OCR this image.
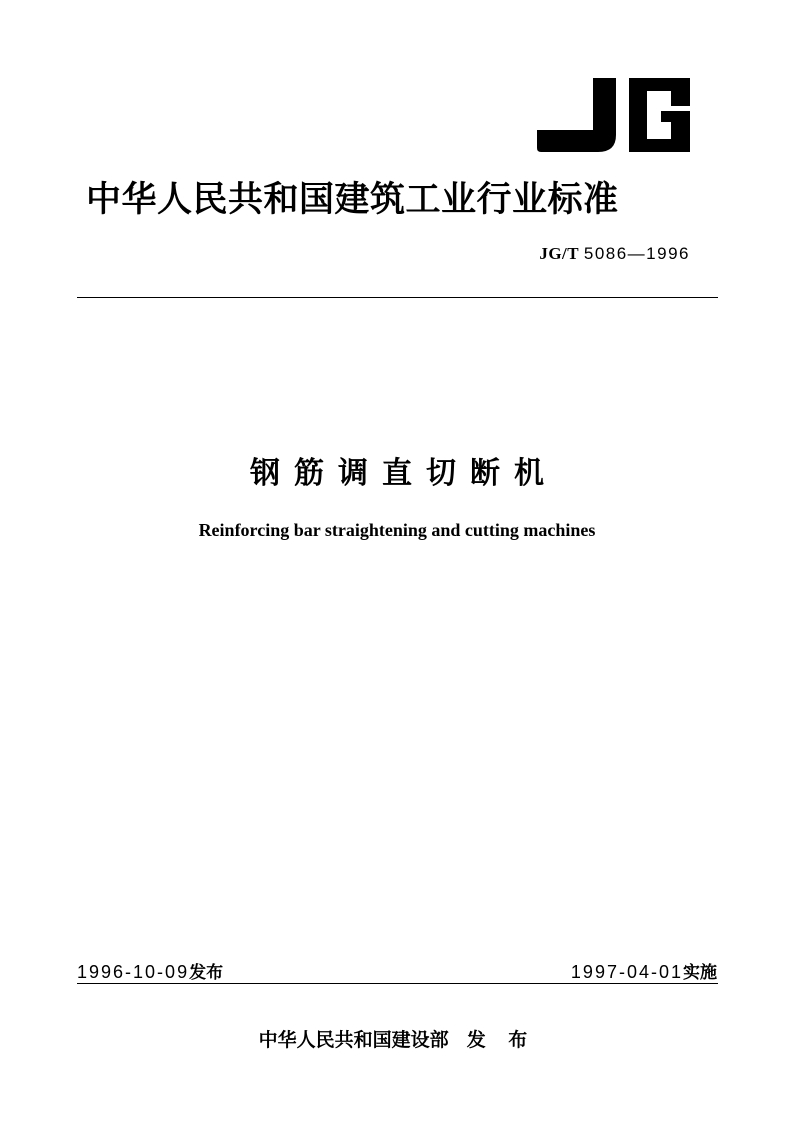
中华人民共和国建筑工业行业标准
JG/T 5086—1996
钢筋调直切断机
Reinforcing bar straightening and cutting machines
1996-10-09发布	1997-04-01实施
中华人民共和国建设部 发 布
